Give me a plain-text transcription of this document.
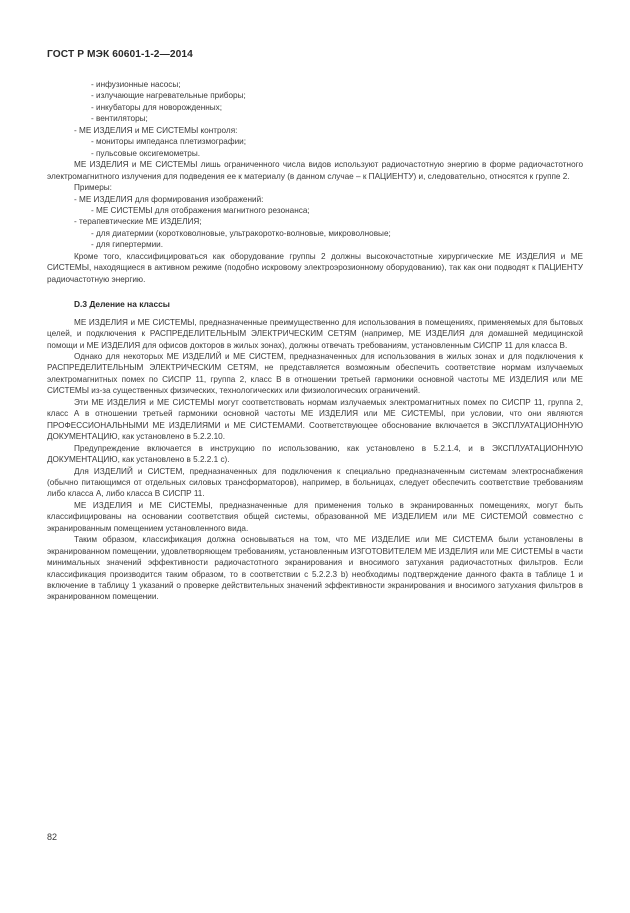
ГОСТ Р МЭК 60601-1-2—2014
- инфузионные насосы;
- излучающие нагревательные приборы;
- инкубаторы для новорожденных;
- вентиляторы;
- МЕ ИЗДЕЛИЯ и МЕ СИСТЕМЫ контроля:
- мониторы импеданса плетизмографии;
- пульсовые оксигемометры.
МЕ ИЗДЕЛИЯ и МЕ СИСТЕМЫ лишь ограниченного числа видов используют радиочастотную энергию в форме радиочастотного электромагнитного излучения для подведения ее к материалу (в данном случае – к ПАЦИЕНТУ) и, следовательно, относятся к группе 2.
Примеры:
- МЕ ИЗДЕЛИЯ для формирования изображений:
- МЕ СИСТЕМЫ для отображения магнитного резонанса;
- терапевтические МЕ ИЗДЕЛИЯ;
- для диатермии (коротковолновые, ультракоротко-волновые, микроволновые;
- для гипертермии.
Кроме того, классифицироваться как оборудование группы 2 должны высокочастотные хирургические МЕ ИЗДЕЛИЯ и МЕ СИСТЕМЫ, находящиеся в активном режиме (подобно искровому электроэрозионному оборудованию), так как они подводят к ПАЦИЕНТУ радиочастотную энергию.
D.3 Деление на классы
МЕ ИЗДЕЛИЯ и МЕ СИСТЕМЫ, предназначенные преимущественно для использования в помещениях, применяемых для бытовых целей, и подключения к РАСПРЕДЕЛИТЕЛЬНЫМ ЭЛЕКТРИЧЕСКИМ СЕТЯМ (например, МЕ ИЗДЕЛИЯ для домашней медицинской помощи и МЕ ИЗДЕЛИЯ для офисов докторов в жилых зонах), должны отвечать требованиям, установленным СИСПР 11 для класса В.
Однако для некоторых МЕ ИЗДЕЛИЙ и МЕ СИСТЕМ, предназначенных для использования в жилых зонах и для подключения к РАСПРЕДЕЛИТЕЛЬНЫМ ЭЛЕКТРИЧЕСКИМ СЕТЯМ, не представляется возможным обеспечить соответствие нормам излучаемых электромагнитных помех по СИСПР 11, группа 2, класс В в отношении третьей гармоники основной частоты МЕ ИЗДЕЛИЯ или МЕ СИСТЕМЫ из-за существенных физических, технологических или физиологических ограничений.
Эти МЕ ИЗДЕЛИЯ и МЕ СИСТЕМЫ могут соответствовать нормам излучаемых электромагнитных помех по СИСПР 11, группа 2, класс А в отношении третьей гармоники основной частоты МЕ ИЗДЕЛИЯ или МЕ СИСТЕМЫ, при условии, что они являются ПРОФЕССИОНАЛЬНЫМИ МЕ ИЗДЕЛИЯМИ и МЕ СИСТЕМАМИ. Соответствующее обоснование включается в ЭКСПЛУАТАЦИОННУЮ ДОКУМЕНТАЦИЮ, как установлено в 5.2.2.10.
Предупреждение включается в инструкцию по использованию, как установлено в 5.2.1.4, и в ЭКСПЛУАТАЦИОННУЮ ДОКУМЕНТАЦИЮ, как установлено в 5.2.2.1 с).
Для ИЗДЕЛИЙ и СИСТЕМ, предназначенных для подключения к специально предназначенным системам электроснабжения (обычно питающимся от отдельных силовых трансформаторов), например, в больницах, следует обеспечить соответствие требованиям либо класса А, либо класса В СИСПР 11.
МЕ ИЗДЕЛИЯ и МЕ СИСТЕМЫ, предназначенные для применения только в экранированных помещениях, могут быть классифицированы на основании соответствия общей системы, образованной МЕ ИЗДЕЛИЕМ или МЕ СИСТЕМОЙ совместно с экранированным помещением установленного вида.
Таким образом, классификация должна основываться на том, что МЕ ИЗДЕЛИЕ или МЕ СИСТЕМА были установлены в экранированном помещении, удовлетворяющем требованиям, установленным ИЗГОТОВИТЕЛЕМ МЕ ИЗДЕЛИЯ или МЕ СИСТЕМЫ в части минимальных значений эффективности радиочастотного экранирования и вносимого затухания радиочастотных фильтров. Если классификация производится таким образом, то в соответствии с 5.2.2.3 b) необходимы подтверждение данного факта в таблице 1 и включение в таблицу 1 указаний о проверке действительных значений эффективности экранирования и вносимого затухания фильтров в экранированном помещении.
82
